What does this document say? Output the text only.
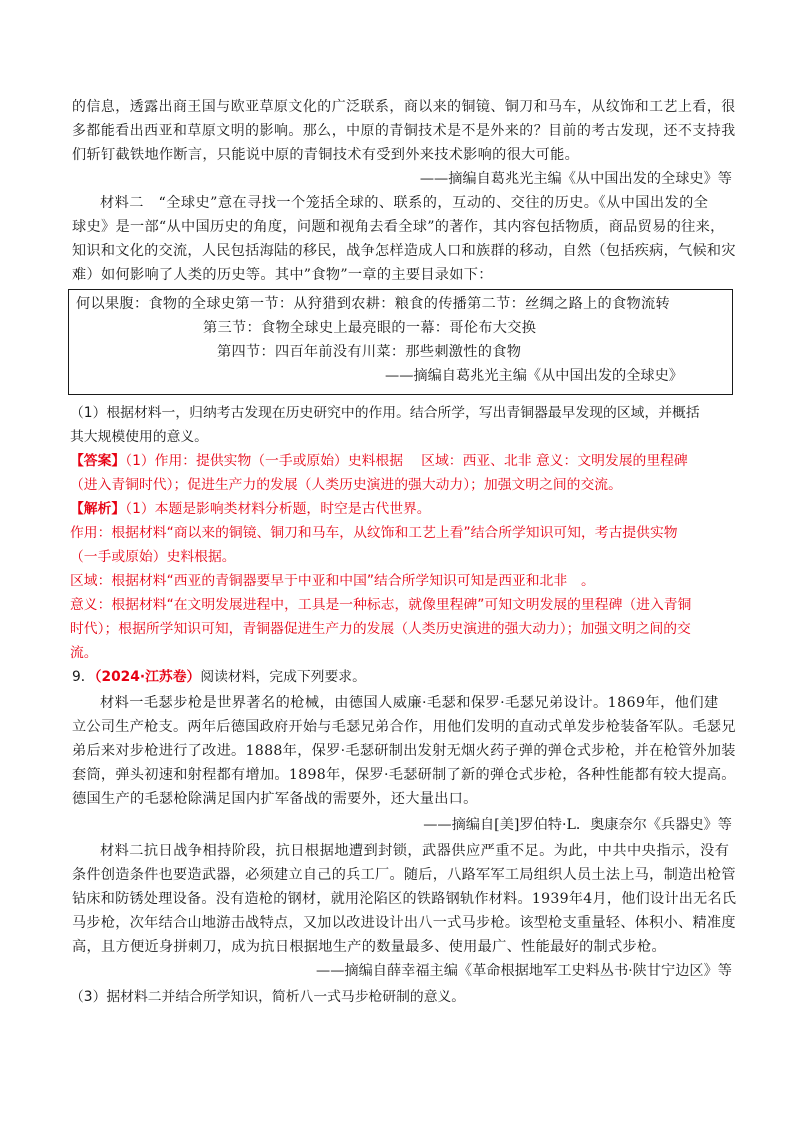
的信息，透露出商王国与欧亚草原文化的广泛联系，商以来的铜镜、铜刀和马车，从纹饰和工艺上看，很
多都能看出西亚和草原文明的影响。那么，中原的青铜技术是不是外来的？目前的考古发现，还不支持我
们斩钉截铁地作断言，只能说中原的青铜技术有受到外来技术影响的很大可能。
——摘编自葛兆光主编《从中国出发的全球史》等
材料二　“全球史”意在寻找一个笼括全球的、联系的，互动的、交往的历史。《从中国出发的全
球史》是一部“从中国历史的角度，问题和视角去看全球”的著作，其内容包括物质，商品贸易的往来，
知识和文化的交流，人民包括海陆的移民，战争怎样造成人口和族群的移动，自然（包括疾病，气候和灾
难）如何影响了人类的历史等。其中”食物”一章的主要目录如下：
何以果腹：食物的全球史第一节：从狩猎到农耕：粮食的传播第二节：丝绸之路上的食物流转
第三节：食物全球史上最亮眼的一幕：哥伦布大交换
第四节：四百年前没有川菜：那些刺激性的食物
——摘编自葛兆光主编《从中国出发的全球史》
（1）根据材料一，归纳考古发现在历史研究中的作用。结合所学，写出青铜器最早发现的区域，并概括
其大规模使用的意义。
【答案】（1）作用：提供实物（一手或原始）史料根据　 区域：西亚、北非 意义：文明发展的里程碑
（进入青铜时代）；促进生产力的发展（人类历史演进的强大动力）；加强文明之间的交流。
【解析】（1）本题是影响类材料分析题，时空是古代世界。
作用：根据材料“商以来的铜镜、铜刀和马车，从纹饰和工艺上看”结合所学知识可知，考古提供实物
（一手或原始）史料根据。
区域：根据材料“西亚的青铜器要早于中亚和中国”结合所学知识可知是西亚和北非　。
意义：根据材料“在文明发展进程中，工具是一种标志，就像里程碑”可知文明发展的里程碑（进入青铜
时代）；根据所学知识可知，青铜器促进生产力的发展（人类历史演进的强大动力）；加强文明之间的交
流。
9．（2024·江苏卷）阅读材料，完成下列要求。
材料一毛瑟步枪是世界著名的枪械，由德国人威廉·毛瑟和保罗·毛瑟兄弟设计。1869年，他们建
立公司生产枪支。两年后德国政府开始与毛瑟兄弟合作，用他们发明的直动式单发步枪装备军队。毛瑟兄
弟后来对步枪进行了改进。1888年，保罗·毛瑟研制出发射无烟火药子弹的弹仓式步枪，并在枪管外加装
套筒，弹头初速和射程都有增加。1898年，保罗·毛瑟研制了新的弹仓式步枪，各种性能都有较大提高。
德国生产的毛瑟枪除满足国内扩军备战的需要外，还大量出口。
——摘编自[美]罗伯特·L．奥康奈尔《兵器史》等
材料二抗日战争相持阶段，抗日根据地遭到封锁，武器供应严重不足。为此，中共中央指示，没有
条件创造条件也要造武器，必须建立自己的兵工厂。随后，八路军军工局组织人员土法上马，制造出枪管
钻床和防锈处理设备。没有造枪的钢材，就用沦陷区的铁路钢轨作材料。1939年4月，他们设计出无名氏
马步枪，次年结合山地游击战特点，又加以改进设计出八一式马步枪。该型枪支重量轻、体积小、精准度
高，且方便近身拼刺刀，成为抗日根据地生产的数量最多、使用最广、性能最好的制式步枪。
——摘编自薛幸福主编《革命根据地军工史料丛书·陕甘宁边区》等
（3）据材料二并结合所学知识，简析八一式马步枪研制的意义。
